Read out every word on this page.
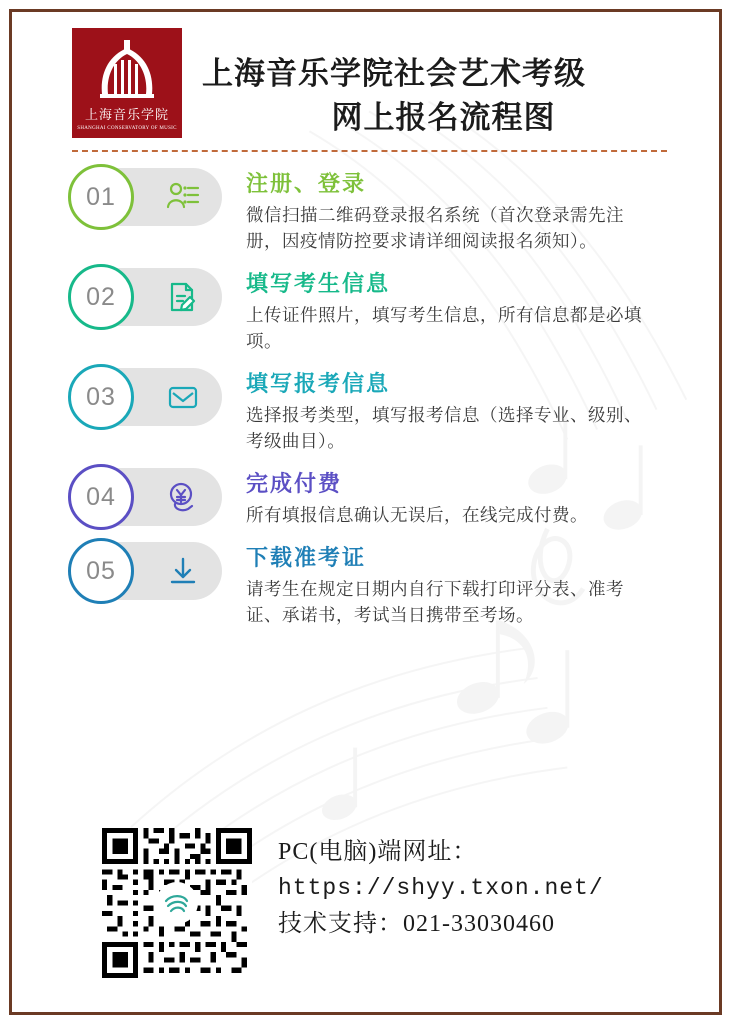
上海音乐学院
SHANGHAI CONSERVATORY OF MUSIC
上海音乐学院社会艺术考级
网上报名流程图
01	注册、登录
微信扫描二维码登录报名系统（首次登录需先注册，因疫情防控要求请详细阅读报名须知）。
02	填写考生信息
上传证件照片，填写考生信息，所有信息都是必填项。
03	填写报考信息
选择报考类型，填写报考信息（选择专业、级别、考级曲目）。
04	完成付费
所有填报信息确认无误后，在线完成付费。
05	下载准考证
请考生在规定日期内自行下载打印评分表、准考证、承诺书，考试当日携带至考场。
PC(电脑)端网址：
https://shyy.txon.net/
技术支持：021-33030460
